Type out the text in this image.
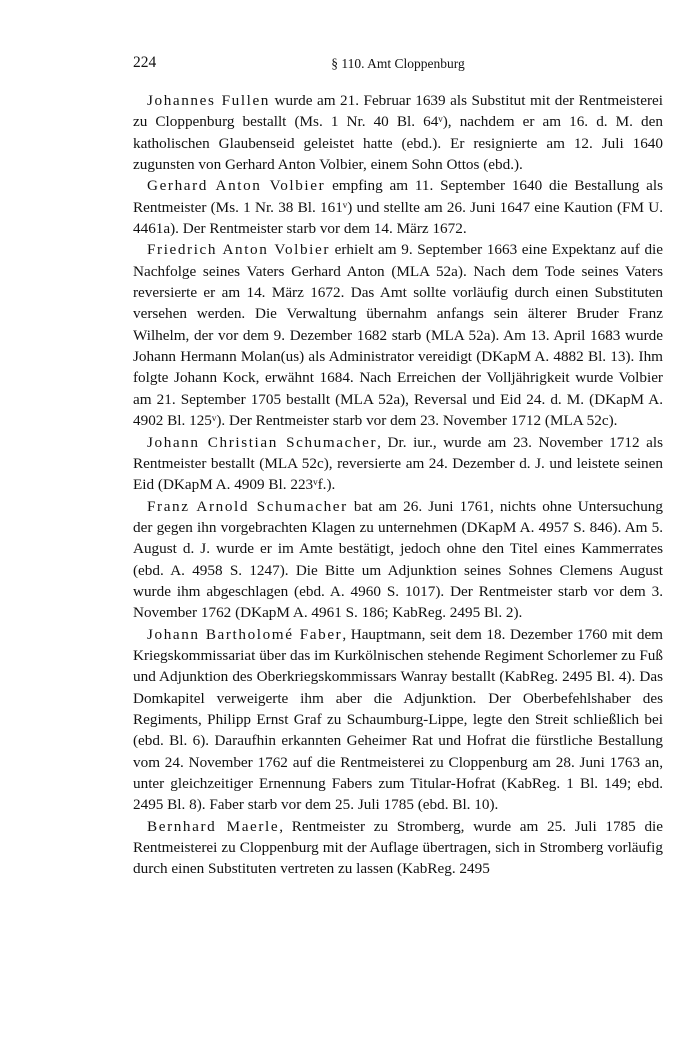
224	§ 110. Amt Cloppenburg

Johannes Fullen wurde am 21. Februar 1639 als Substitut mit der Rentmeisterei zu Cloppenburg bestallt (Ms. 1 Nr. 40 Bl. 64ᵛ), nachdem er am 16. d. M. den katholischen Glaubenseid geleistet hatte (ebd.). Er resignierte am 12. Juli 1640 zugunsten von Gerhard Anton Volbier, einem Sohn Ottos (ebd.).

Gerhard Anton Volbier empfing am 11. September 1640 die Bestallung als Rentmeister (Ms. 1 Nr. 38 Bl. 161ᵛ) und stellte am 26. Juni 1647 eine Kaution (FM U. 4461a). Der Rentmeister starb vor dem 14. März 1672.

Friedrich Anton Volbier erhielt am 9. September 1663 eine Expektanz auf die Nachfolge seines Vaters Gerhard Anton (MLA 52a). Nach dem Tode seines Vaters reversierte er am 14. März 1672. Das Amt sollte vorläufig durch einen Substituten versehen werden. Die Verwaltung übernahm anfangs sein älterer Bruder Franz Wilhelm, der vor dem 9. Dezember 1682 starb (MLA 52a). Am 13. April 1683 wurde Johann Hermann Molan(us) als Administrator vereidigt (DKapM A. 4882 Bl. 13). Ihm folgte Johann Kock, erwähnt 1684. Nach Erreichen der Volljährigkeit wurde Volbier am 21. September 1705 bestallt (MLA 52a), Reversal und Eid 24. d. M. (DKapM A. 4902 Bl. 125ᵛ). Der Rentmeister starb vor dem 23. November 1712 (MLA 52c).

Johann Christian Schumacher, Dr. iur., wurde am 23. November 1712 als Rentmeister bestallt (MLA 52c), reversierte am 24. Dezember d. J. und leistete seinen Eid (DKapM A. 4909 Bl. 223ᵛf.).

Franz Arnold Schumacher bat am 26. Juni 1761, nichts ohne Untersuchung der gegen ihn vorgebrachten Klagen zu unternehmen (DKapM A. 4957 S. 846). Am 5. August d. J. wurde er im Amte bestätigt, jedoch ohne den Titel eines Kammerrates (ebd. A. 4958 S. 1247). Die Bitte um Adjunktion seines Sohnes Clemens August wurde ihm abgeschlagen (ebd. A. 4960 S. 1017). Der Rentmeister starb vor dem 3. November 1762 (DKapM A. 4961 S. 186; KabReg. 2495 Bl. 2).

Johann Bartholomé Faber, Hauptmann, seit dem 18. Dezember 1760 mit dem Kriegskommissariat über das im Kurkölnischen stehende Regiment Schorlemer zu Fuß und Adjunktion des Oberkriegskommissars Wanray bestallt (KabReg. 2495 Bl. 4). Das Domkapitel verweigerte ihm aber die Adjunktion. Der Oberbefehlshaber des Regiments, Philipp Ernst Graf zu Schaumburg-Lippe, legte den Streit schließlich bei (ebd. Bl. 6). Daraufhin erkannten Geheimer Rat und Hofrat die fürstliche Bestallung vom 24. November 1762 auf die Rentmeisterei zu Cloppenburg am 28. Juni 1763 an, unter gleichzeitiger Ernennung Fabers zum Titular-Hofrat (KabReg. 1 Bl. 149; ebd. 2495 Bl. 8). Faber starb vor dem 25. Juli 1785 (ebd. Bl. 10).

Bernhard Maerle, Rentmeister zu Stromberg, wurde am 25. Juli 1785 die Rentmeisterei zu Cloppenburg mit der Auflage übertragen, sich in Stromberg vorläufig durch einen Substituten vertreten zu lassen (KabReg. 2495
